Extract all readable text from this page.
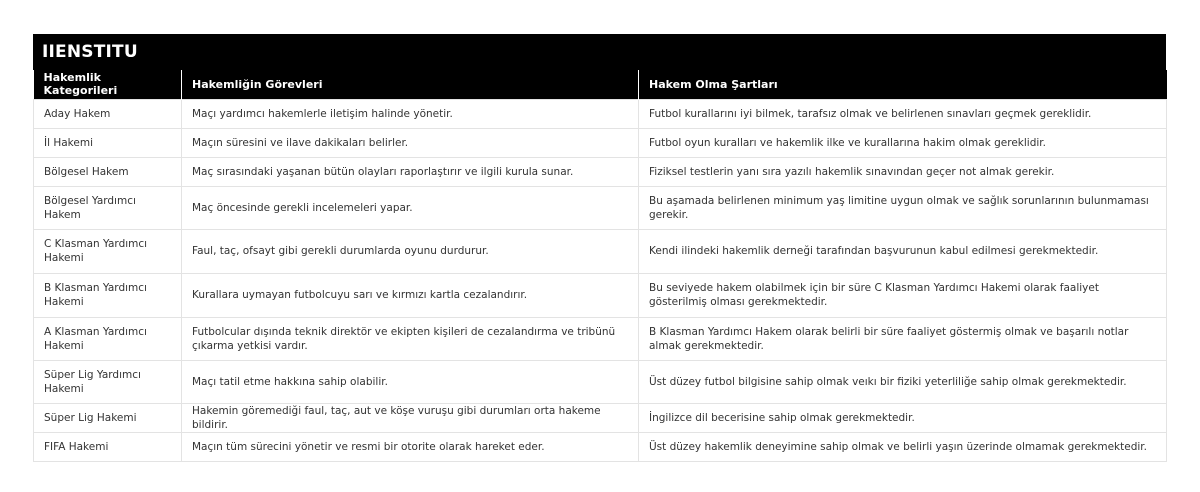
IIENSTITU
Hakemlik Kategorileri	Hakemliğin Görevleri	Hakem Olma Şartları
Aday Hakem	Maçı yardımcı hakemlerle iletişim halinde yönetir.	Futbol kurallarını iyi bilmek, tarafsız olmak ve belirlenen sınavları geçmek gereklidir.
İl Hakemi	Maçın süresini ve ilave dakikaları belirler.	Futbol oyun kuralları ve hakemlik ilke ve kurallarına hakim olmak gereklidir.
Bölgesel Hakem	Maç sırasındaki yaşanan bütün olayları raporlaştırır ve ilgili kurula sunar.	Fiziksel testlerin yanı sıra yazılı hakemlik sınavından geçer not almak gerekir.
Bölgesel Yardımcı Hakem	Maç öncesinde gerekli incelemeleri yapar.	Bu aşamada belirlenen minimum yaş limitine uygun olmak ve sağlık sorunlarının bulunmaması gerekir.
C Klasman Yardımcı Hakemi	Faul, taç, ofsayt gibi gerekli durumlarda oyunu durdurur.	Kendi ilindeki hakemlik derneği tarafından başvurunun kabul edilmesi gerekmektedir.
B Klasman Yardımcı Hakemi	Kurallara uymayan futbolcuyu sarı ve kırmızı kartla cezalandırır.	Bu seviyede hakem olabilmek için bir süre C Klasman Yardımcı Hakemi olarak faaliyet gösterilmiş olması gerekmektedir.
A Klasman Yardımcı Hakemi	Futbolcular dışında teknik direktör ve ekipten kişileri de cezalandırma ve tribünü çıkarma yetkisi vardır.	B Klasman Yardımcı Hakem olarak belirli bir süre faaliyet göstermiş olmak ve başarılı notlar almak gerekmektedir.
Süper Lig Yardımcı Hakemi	Maçı tatil etme hakkına sahip olabilir.	Üst düzey futbol bilgisine sahip olmak veıkı bir fiziki yeterliliğe sahip olmak gerekmektedir.
Süper Lig Hakemi	Hakemin göremediği faul, taç, aut ve köşe vuruşu gibi durumları orta hakeme bildirir.	İngilizce dil becerisine sahip olmak gerekmektedir.
FIFA Hakemi	Maçın tüm sürecini yönetir ve resmi bir otorite olarak hareket eder.	Üst düzey hakemlik deneyimine sahip olmak ve belirli yaşın üzerinde olmamak gerekmektedir.
